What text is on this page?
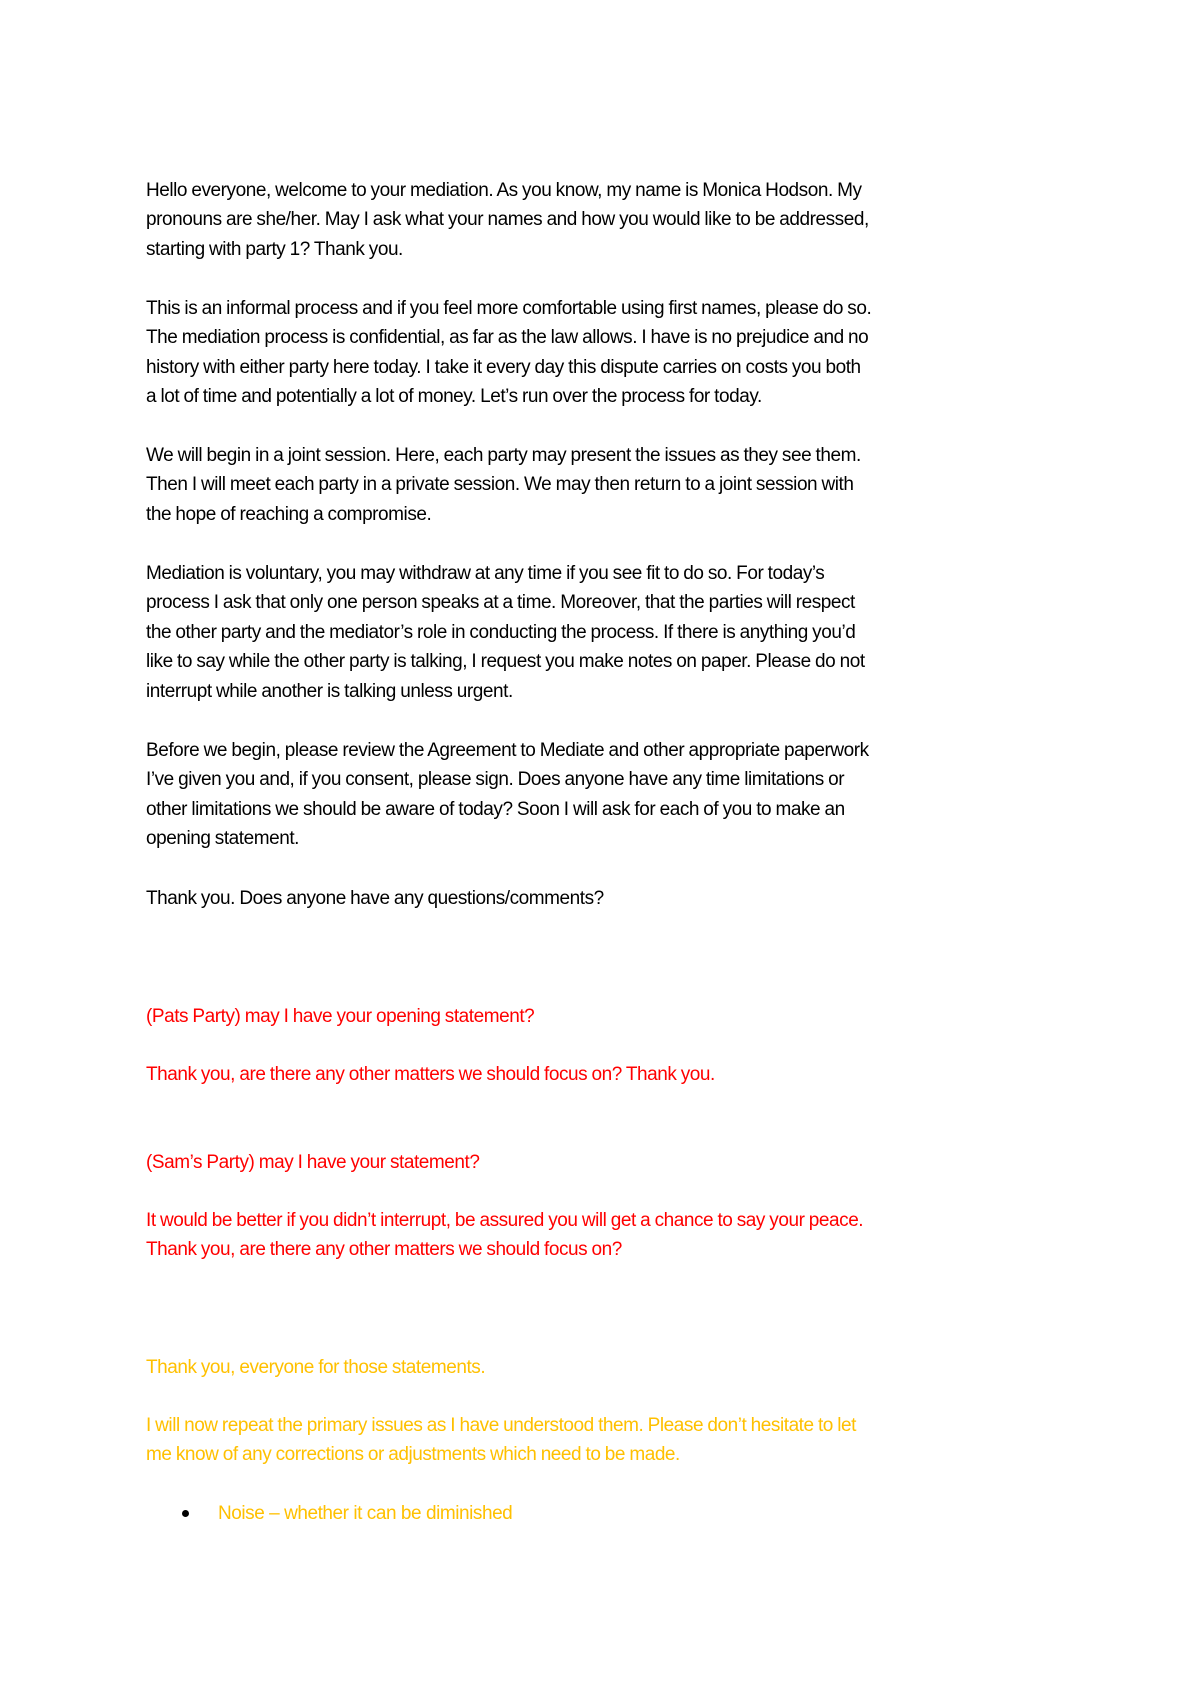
Hello everyone, welcome to your mediation. As you know, my name is Monica Hodson. My
pronouns are she/her. May I ask what your names and how you would like to be addressed,
starting with party 1? Thank you.
This is an informal process and if you feel more comfortable using first names, please do so.
The mediation process is confidential, as far as the law allows. I have is no prejudice and no
history with either party here today. I take it every day this dispute carries on costs you both
a lot of time and potentially a lot of money. Let’s run over the process for today.
We will begin in a joint session. Here, each party may present the issues as they see them.
Then I will meet each party in a private session. We may then return to a joint session with
the hope of reaching a compromise.
Mediation is voluntary, you may withdraw at any time if you see fit to do so. For today’s
process I ask that only one person speaks at a time. Moreover, that the parties will respect
the other party and the mediator’s role in conducting the process. If there is anything you’d
like to say while the other party is talking, I request you make notes on paper. Please do not
interrupt while another is talking unless urgent.
Before we begin, please review the Agreement to Mediate and other appropriate paperwork
I’ve given you and, if you consent, please sign. Does anyone have any time limitations or
other limitations we should be aware of today? Soon I will ask for each of you to make an
opening statement.
Thank you. Does anyone have any questions/comments?
(Pats Party) may I have your opening statement?
Thank you, are there any other matters we should focus on? Thank you.
(Sam’s Party) may I have your statement?
It would be better if you didn’t interrupt, be assured you will get a chance to say your peace.
Thank you, are there any other matters we should focus on?
Thank you, everyone for those statements.
I will now repeat the primary issues as I have understood them. Please don’t hesitate to let
me know of any corrections or adjustments which need to be made.
Noise – whether it can be diminished
